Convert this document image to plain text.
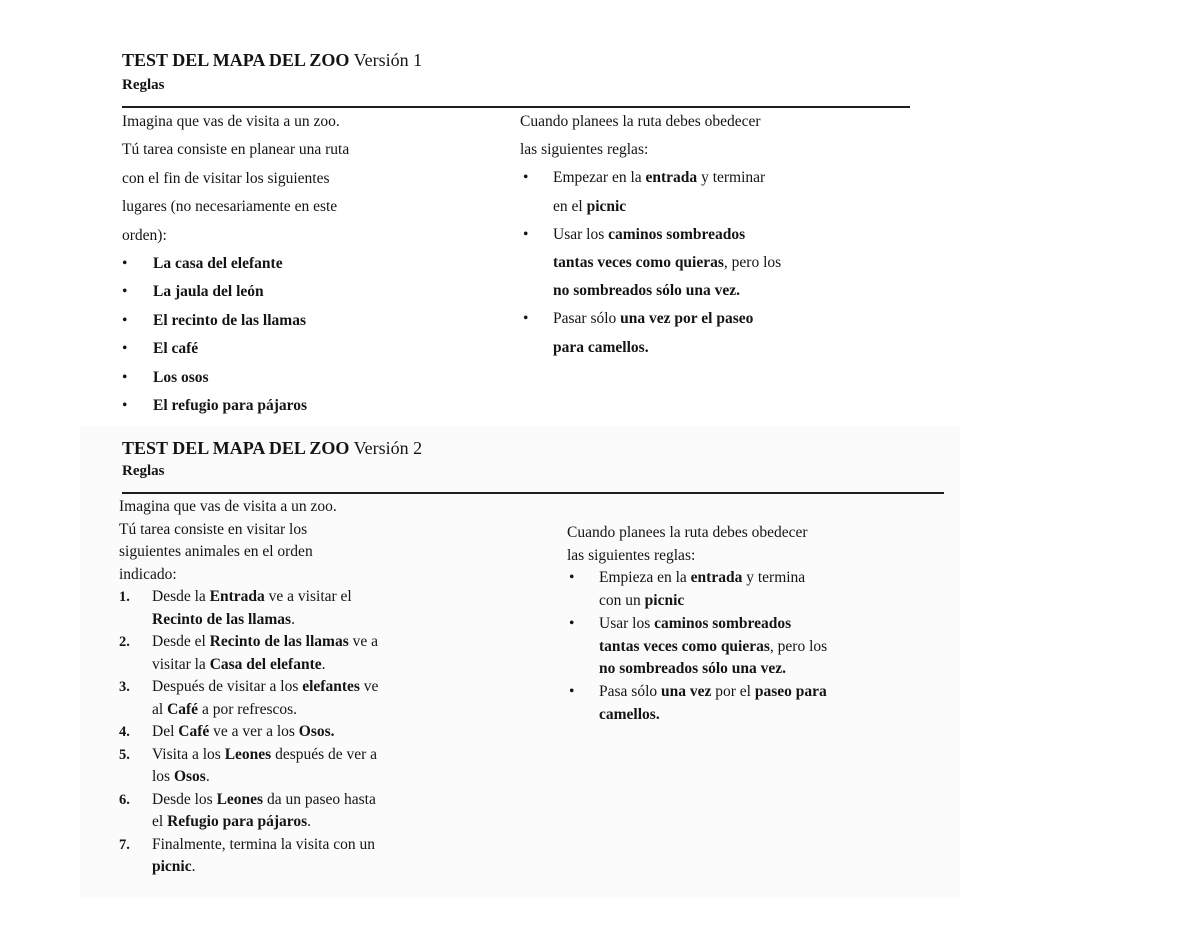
TEST DEL MAPA DEL ZOO Versión 1
Reglas

Imagina que vas de visita a un zoo.

Tú tarea consiste en planear una ruta

con el fin de visitar los siguientes

lugares (no necesariamente en este

orden):

• La casa del elefante
• La jaula del león
• El recinto de las llamas
• El café
• Los osos
• El refugio para pájaros

Cuando planees la ruta debes obedecer

las siguientes reglas:

• Empezar en la entrada y terminar
en el picnic
• Usar los caminos sombreados
tantas veces como quieras, pero los
no sombreados sólo una vez.
• Pasar sólo una vez por el paseo
para camellos.
TEST DEL MAPA DEL ZOO Versión 2
Reglas

Imagina que vas de visita a un zoo.

Tú tarea consiste en visitar los

siguientes animales en el orden

indicado:

1. Desde la Entrada ve a visitar el
Recinto de las llamas.
2. Desde el Recinto de las llamas ve a
visitar la Casa del elefante.
3. Después de visitar a los elefantes ve
al Café a por refrescos.
4. Del Café ve a ver a los Osos.
5. Visita a los Leones después de ver a
los Osos.
6. Desde los Leones da un paseo hasta
el Refugio para pájaros.
7. Finalmente, termina la visita con un
picnic.

Cuando planees la ruta debes obedecer

las siguientes reglas:

• Empieza en la entrada y termina
con un picnic
• Usar los caminos sombreados
tantas veces como quieras, pero los
no sombreados sólo una vez.
• Pasa sólo una vez por el paseo para
camellos.
